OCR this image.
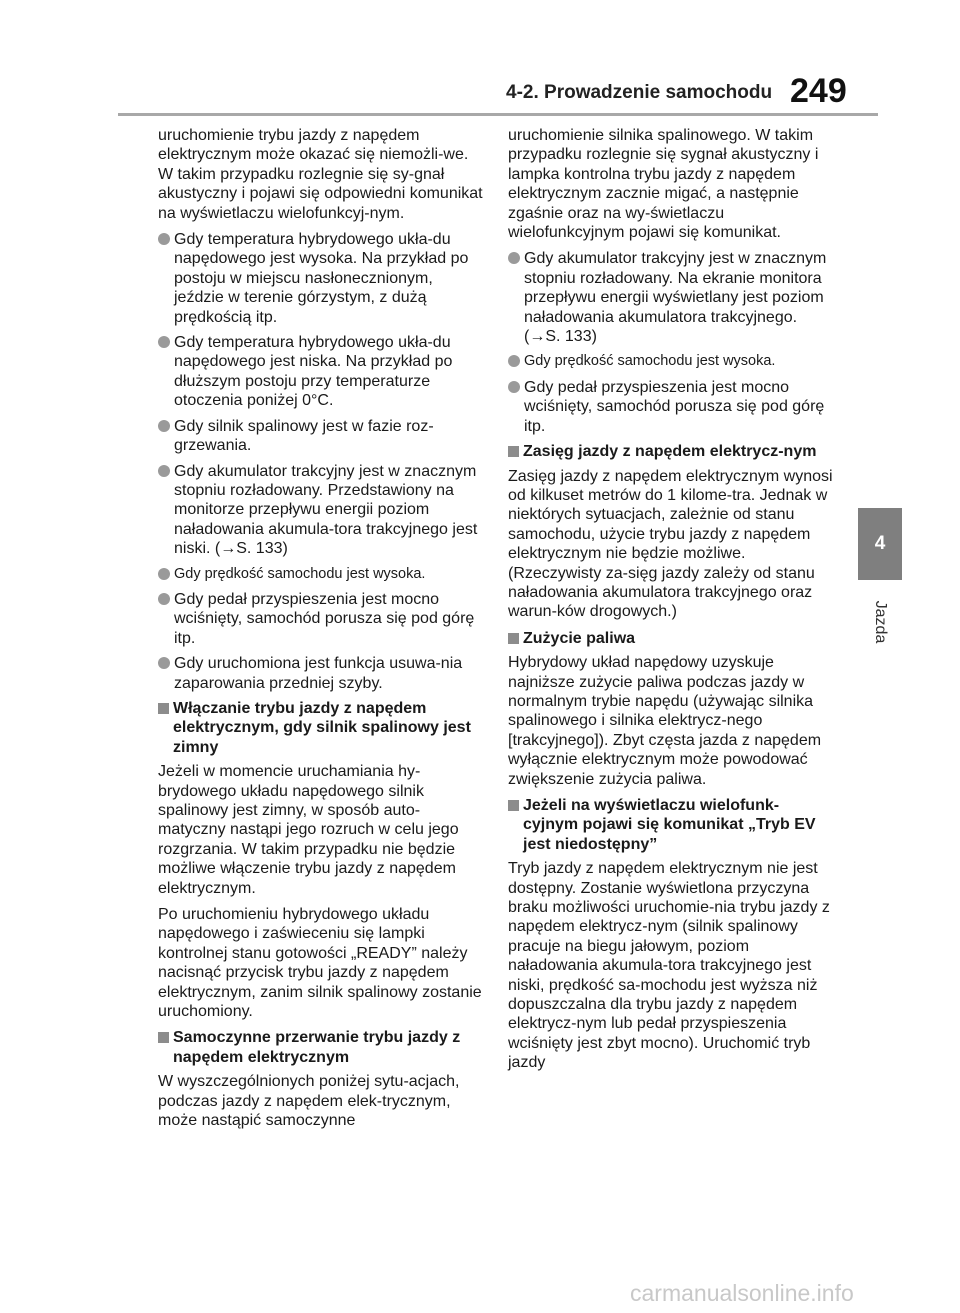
4-2. Prowadzenie samochodu 249

uruchomienie trybu jazdy z napędem elektrycznym może okazać się niemożli-we. W takim przypadku rozlegnie się sy-gnał akustyczny i pojawi się odpowiedni komunikat na wyświetlaczu wielofunkcyj-nym.

Gdy temperatura hybrydowego ukła-du napędowego jest wysoka. Na przykład po postoju w miejscu nasłonecznionym, jeździe w terenie górzystym, z dużą prędkością itp.
Gdy temperatura hybrydowego ukła-du napędowego jest niska. Na przykład po dłuższym postoju przy temperaturze otoczenia poniżej 0°C.
Gdy silnik spalinowy jest w fazie roz-grzewania.
Gdy akumulator trakcyjny jest w znacznym stopniu rozładowany. Przedstawiony na monitorze przepływu energii poziom naładowania akumula-tora trakcyjnego jest niski. (→S. 133)
Gdy prędkość samochodu jest wysoka.
Gdy pedał przyspieszenia jest mocno wciśnięty, samochód porusza się pod górę itp.
Gdy uruchomiona jest funkcja usuwa-nia zaparowania przedniej szyby.
Włączanie trybu jazdy z napędem elektrycznym, gdy silnik spalinowy jest zimny

Jeżeli w momencie uruchamiania hy-brydowego układu napędowego silnik spalinowy jest zimny, w sposób auto-matyczny nastąpi jego rozruch w celu jego rozgrzania. W takim przypadku nie będzie możliwe włączenie trybu jazdy z napędem elektrycznym.

Po uruchomieniu hybrydowego układu napędowego i zaświeceniu się lampki kontrolnej stanu gotowości „READY” należy nacisnąć przycisk trybu jazdy z napędem elektrycznym, zanim silnik spalinowy zostanie uruchomiony.

Samoczynne przerwanie trybu jazdy z napędem elektrycznym

W wyszczególnionych poniżej sytu-acjach, podczas jazdy z napędem elek-trycznym, może nastąpić samoczynne

uruchomienie silnika spalinowego. W takim przypadku rozlegnie się sygnał akustyczny i lampka kontrolna trybu jazdy z napędem elektrycznym zacznie migać, a następnie zgaśnie oraz na wy-świetlaczu wielofunkcyjnym pojawi się komunikat.

Gdy akumulator trakcyjny jest w znacznym stopniu rozładowany. Na ekranie monitora przepływu energii wyświetlany jest poziom naładowania akumulatora trakcyjnego. (→S. 133)
Gdy prędkość samochodu jest wysoka.
Gdy pedał przyspieszenia jest mocno wciśnięty, samochód porusza się pod górę itp.
Zasięg jazdy z napędem elektrycz-nym

Zasięg jazdy z napędem elektrycznym wynosi od kilkuset metrów do 1 kilome-tra. Jednak w niektórych sytuacjach, zależnie od stanu samochodu, użycie trybu jazdy z napędem elektrycznym nie będzie możliwe. (Rzeczywisty za-sięg jazdy zależy od stanu naładowania akumulatora trakcyjnego oraz warun-ków drogowych.)

Zużycie paliwa

Hybrydowy układ napędowy uzyskuje najniższe zużycie paliwa podczas jazdy w normalnym trybie napędu (używając silnika spalinowego i silnika elektrycz-nego [trakcyjnego]). Zbyt częsta jazda z napędem wyłącznie elektrycznym może powodować zwiększenie zużycia paliwa.

Jeżeli na wyświetlaczu wielofunk-cyjnym pojawi się komunikat „Tryb EV jest niedostępny”

Tryb jazdy z napędem elektrycznym nie jest dostępny. Zostanie wyświetlona przyczyna braku możliwości uruchomie-nia trybu jazdy z napędem elektrycz-nym (silnik spalinowy pracuje na biegu jałowym, poziom naładowania akumula-tora trakcyjnego jest niski, prędkość sa-mochodu jest wyższa niż dopuszczalna dla trybu jazdy z napędem elektrycz-nym lub pedał przyspieszenia wciśnięty jest zbyt mocno). Uruchomić tryb jazdy

4
Jazda
carmanualsonline.info
